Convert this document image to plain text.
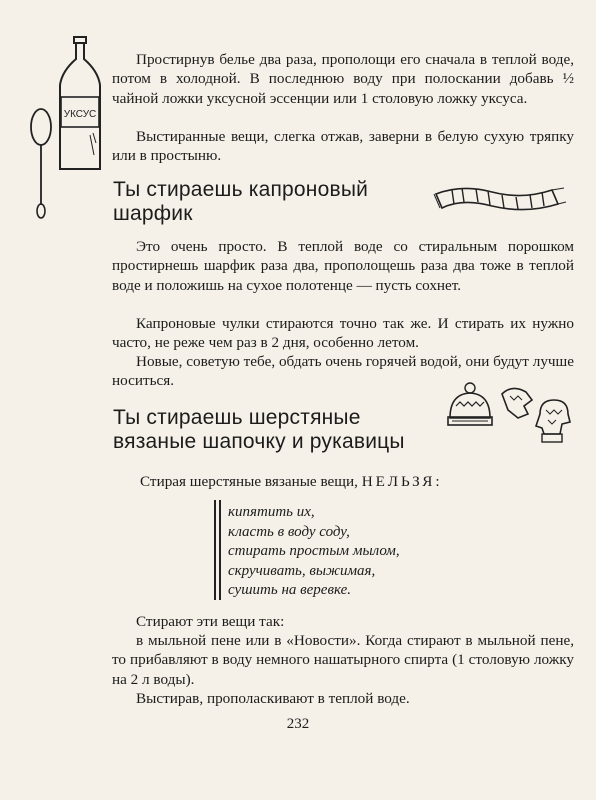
УКСУС

Простирнув белье два раза, прополощи его сначала в теплой воде, потом в холодной. В последнюю воду при полоскании добавь ½ чайной ложки уксусной эссенции или 1 столовую ложку уксуса.

Выстиранные вещи, слегка отжав, заверни в белую сухую тряпку или в простыню.

Ты стираешь капроновый
шарфик

Это очень просто. В теплой воде со стиральным порошком простирнешь шарфик раза два, прополощешь раза два тоже в теплой воде и положишь на сухое полотенце — пусть сохнет.

Капроновые чулки стираются точно так же. И стирать их нужно часто, не реже чем раз в 2 дня, особенно летом.

Новые, советую тебе, обдать очень горячей водой, они будут лучше носиться.

Ты стираешь шерстяные
вязаные шапочку и рукавицы

Стирая шерстяные вязаные вещи, НЕЛЬЗЯ:

кипятить их,
класть в воду соду,
стирать простым мылом,
скручивать, выжимая,
сушить на веревке.

Стирают эти вещи так:

в мыльной пене или в «Новости». Когда стирают в мыльной пене, то прибавляют в воду немного нашатырного спирта (1 столовую ложку на 2 л воды).

Выстирав, прополаскивают в теплой воде.

232
